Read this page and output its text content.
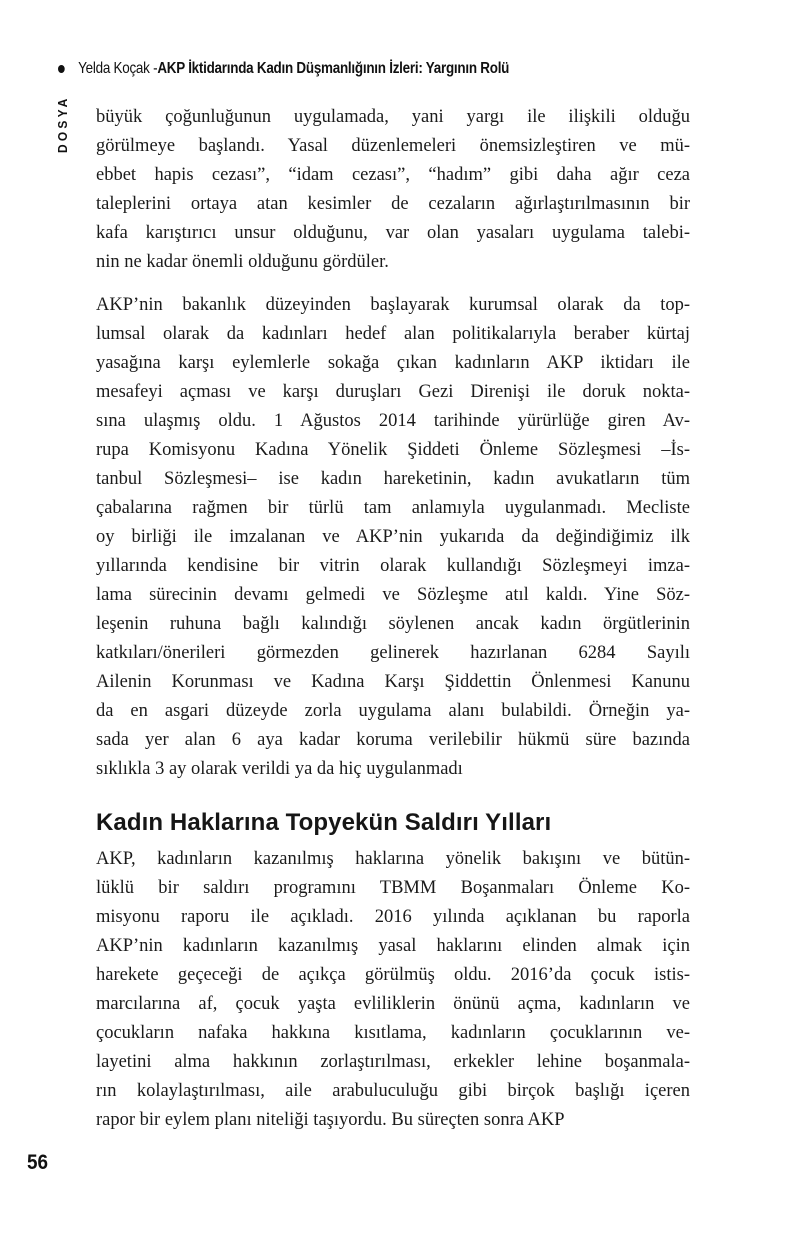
Yelda Koçak - AKP İktidarında Kadın Düşmanlığının İzleri: Yargının Rolü
DOSYA büyük çoğunluğunun uygulamada, yani yargı ile ilişkili olduğu
görülmeye başlandı. Yasal düzenlemeleri önemsizleştiren ve mü-
ebbet hapis cezası”, “idam cezası”, “hadım” gibi daha ağır ceza
taleplerini ortaya atan kesimler de cezaların ağırlaştırılmasının bir
kafa karıştırıcı unsur olduğunu, var olan yasaları uygulama talebi-
nin ne kadar önemli olduğunu gördüler.
AKP’nin bakanlık düzeyinden başlayarak kurumsal olarak da top-
lumsal olarak da kadınları hedef alan politikalarıyla beraber kürtaj
yasağına karşı eylemlerle sokağa çıkan kadınların AKP iktidarı ile
mesafeyi açması ve karşı duruşları Gezi Direnişi ile doruk nokta-
sına ulaşmış oldu. 1 Ağustos 2014 tarihinde yürürlüğe giren Av-
rupa Komisyonu Kadına Yönelik Şiddeti Önleme Sözleşmesi –İs-
tanbul Sözleşmesi– ise kadın hareketinin, kadın avukatların tüm
çabalarına rağmen bir türlü tam anlamıyla uygulanmadı. Mecliste
oy birliği ile imzalanan ve AKP’nin yukarıda da değindiğimiz ilk
yıllarında kendisine bir vitrin olarak kullandığı Sözleşmeyi imza-
lama sürecinin devamı gelmedi ve Sözleşme atıl kaldı. Yine Söz-
leşenin ruhuna bağlı kalındığı söylenen ancak kadın örgütlerinin
katkıları/önerileri görmezden gelinerek hazırlanan 6284 Sayılı
Ailenin Korunması ve Kadına Karşı Şiddettin Önlenmesi Kanunu
da en asgari düzeyde zorla uygulama alanı bulabildi. Örneğin ya-
sada yer alan 6 aya kadar koruma verilebilir hükmü süre bazında
sıklıkla 3 ay olarak verildi ya da hiç uygulanmadı
Kadın Haklarına Topyekün Saldırı Yılları
AKP, kadınların kazanılmış haklarına yönelik bakışını ve bütün-
lüklü bir saldırı programını TBMM Boşanmaları Önleme Ko-
misyonu raporu ile açıkladı. 2016 yılında açıklanan bu raporla
AKP’nin kadınların kazanılmış yasal haklarını elinden almak için
harekete geçeceği de açıkça görülmüş oldu. 2016’da çocuk istis-
marcılarına af, çocuk yaşta evliliklerin önünü açma, kadınların ve
çocukların nafaka hakkına kısıtlama, kadınların çocuklarının ve-
layetini alma hakkının zorlaştırılması, erkekler lehine boşanmala-
rın kolaylaştırılması, aile arabuluculuğu gibi birçok başlığı içeren
rapor bir eylem planı niteliği taşıyordu. Bu süreçten sonra AKP
56
